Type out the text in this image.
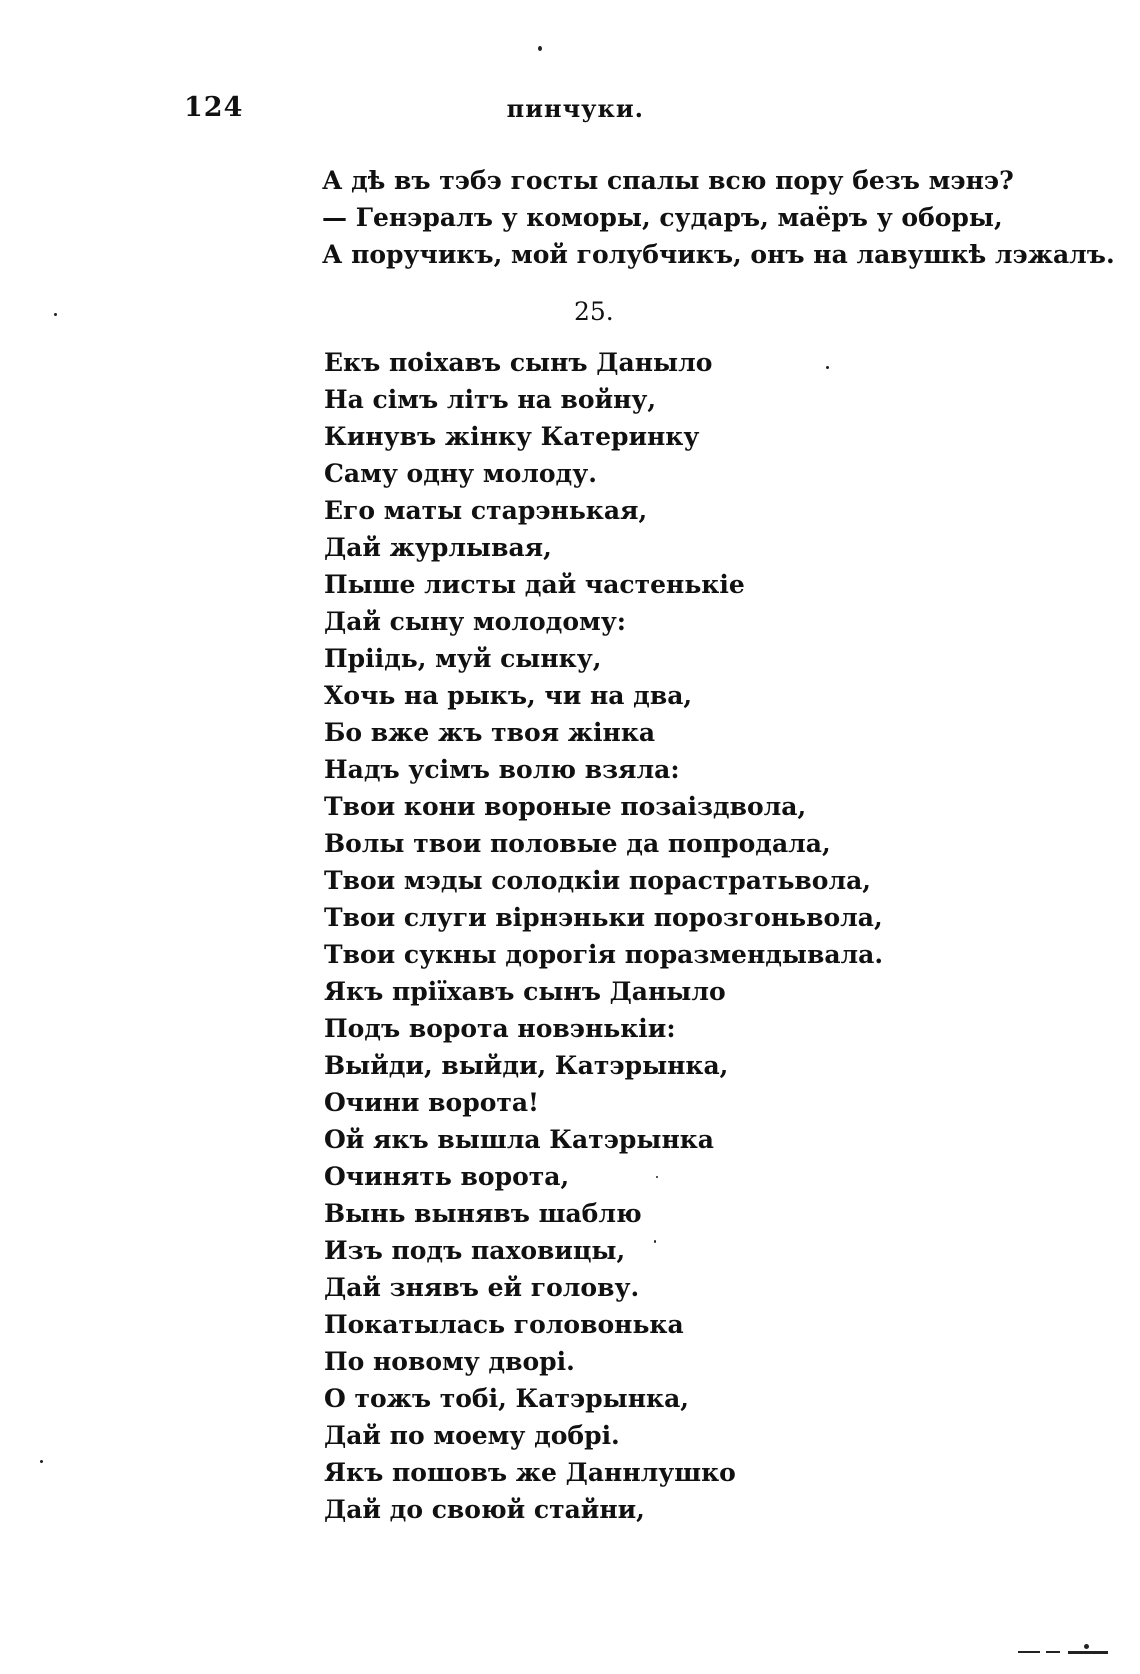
124	пинчуки.
А дѣ въ тэбэ госты спалы всю пору безъ мэнэ?
— Генэралъ у коморы, сударъ, маёръ у оборы,
А поручикъ, мой голубчикъ, онъ на лавушкѣ лэжалъ.
25.
Екъ поіхавъ сынъ Даныло
На сімъ літъ на войну,
Кинувъ жінку Катеринку
Саму одну молоду.
Его маты старэнькая,
Дай журлывая,
Пыше листы дай частенькіе
Дай сыну молодому:
Пріідь, муй сынку,
Хочь на рыкъ, чи на два,
Бо вже жъ твоя жінка
Надъ усімъ волю взяла:
Твои кони вороные позаіздвола,
Волы твои половые да попродала,
Твои мэды солодкіи порастратьвола,
Твои слуги вірнэньки порозгоньвола,
Твои сукны дорогія поразмендывала.
Якъ пріїхавъ сынъ Даныло
Подъ ворота новэнькіи:
Выйди, выйди, Катэрынка,
Очини ворота!
Ой якъ вышла Катэрынка
Очинять ворота,
Вынь вынявъ шаблю
Изъ подъ паховицы,
Дай знявъ ей голову.
Покатылась головонька
По новому дворі.
О тожъ тобі, Катэрынка,
Дай по моему добрі.
Якъ пошовъ же Даннлушко
Дай до своюй стайни,
